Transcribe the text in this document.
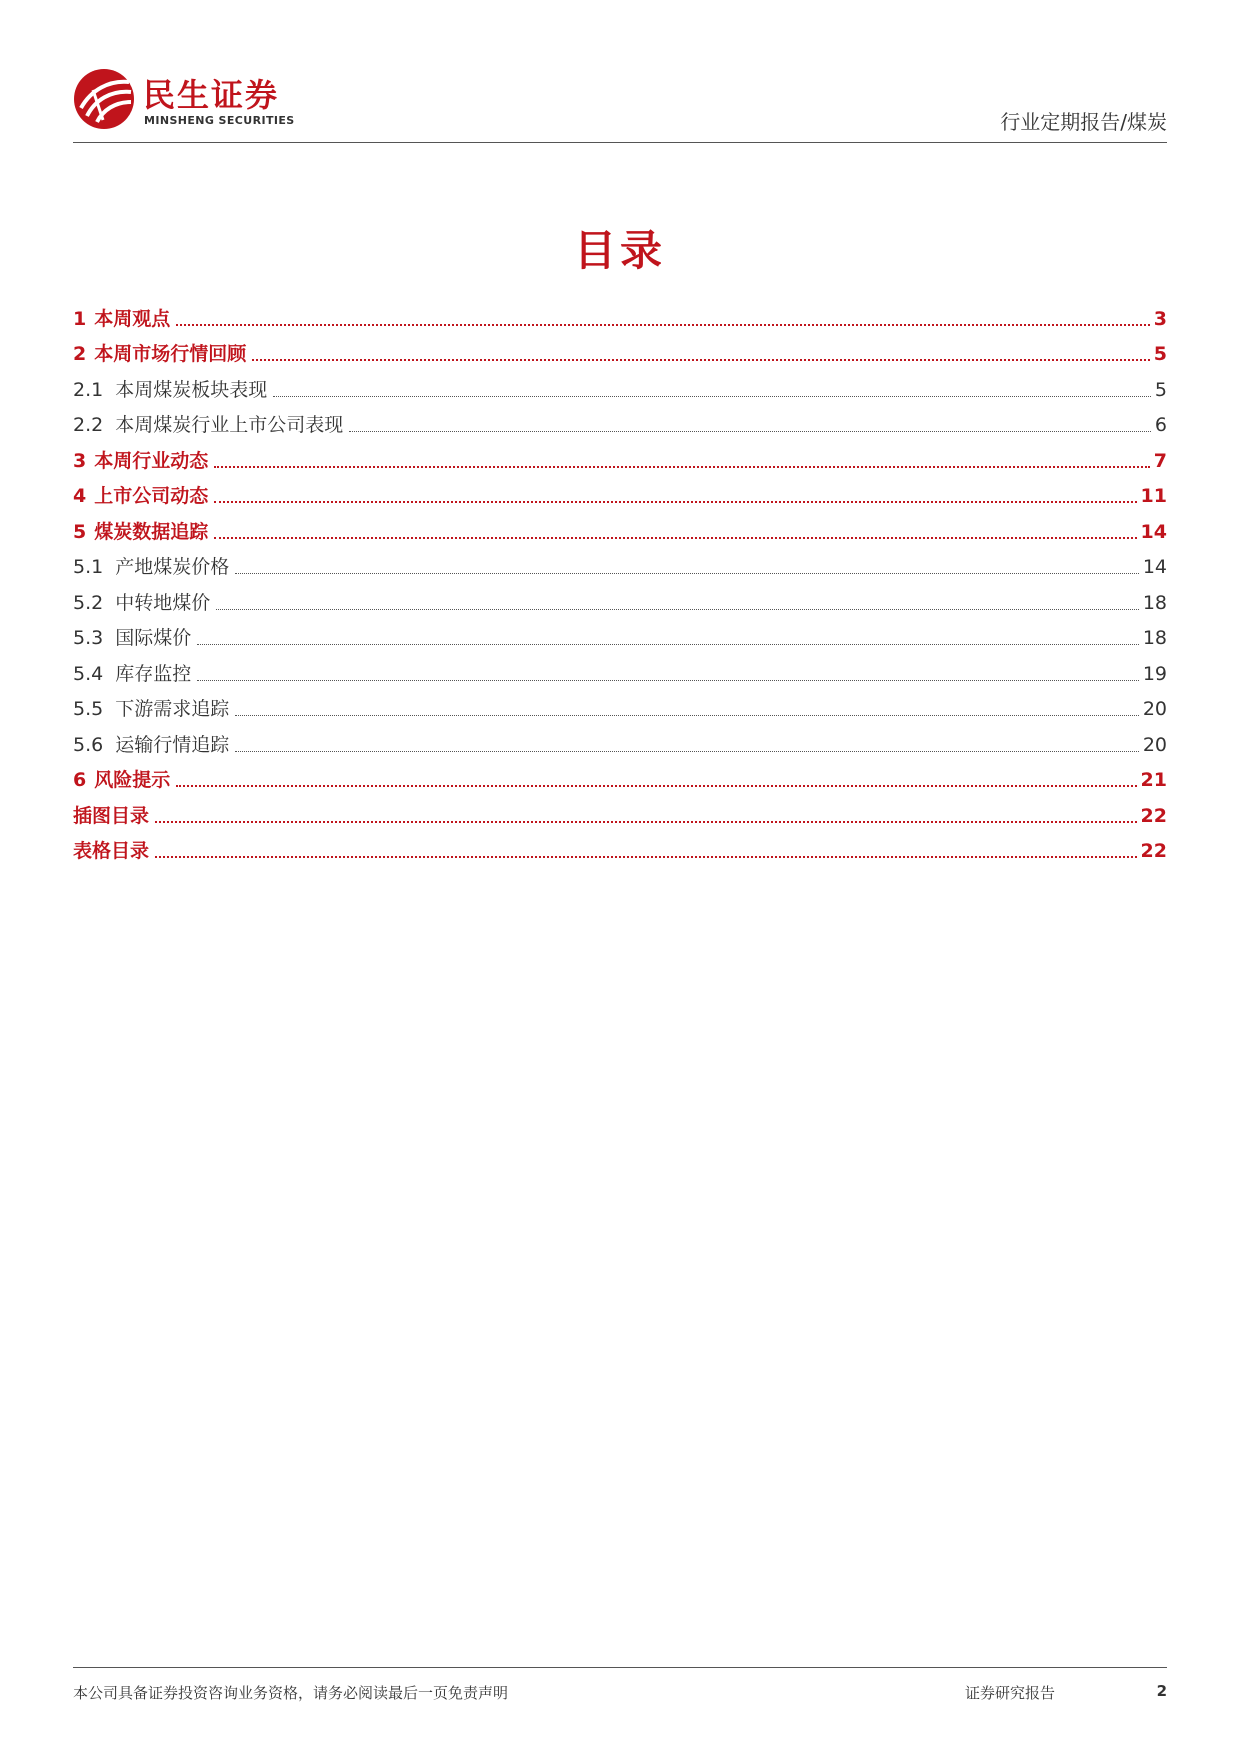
民生证券
MINSHENG SECURITIES	行业定期报告/煤炭
目录
1 本周观点	3
2 本周市场行情回顾	5
2.1 本周煤炭板块表现	5
2.2 本周煤炭行业上市公司表现	6
3 本周行业动态	7
4 上市公司动态	11
5 煤炭数据追踪	14
5.1 产地煤炭价格	14
5.2 中转地煤价	18
5.3 国际煤价	18
5.4 库存监控	19
5.5 下游需求追踪	20
5.6 运输行情追踪	20
6 风险提示	21
插图目录	22
表格目录	22
本公司具备证券投资咨询业务资格，请务必阅读最后一页免责声明	证券研究报告	2
